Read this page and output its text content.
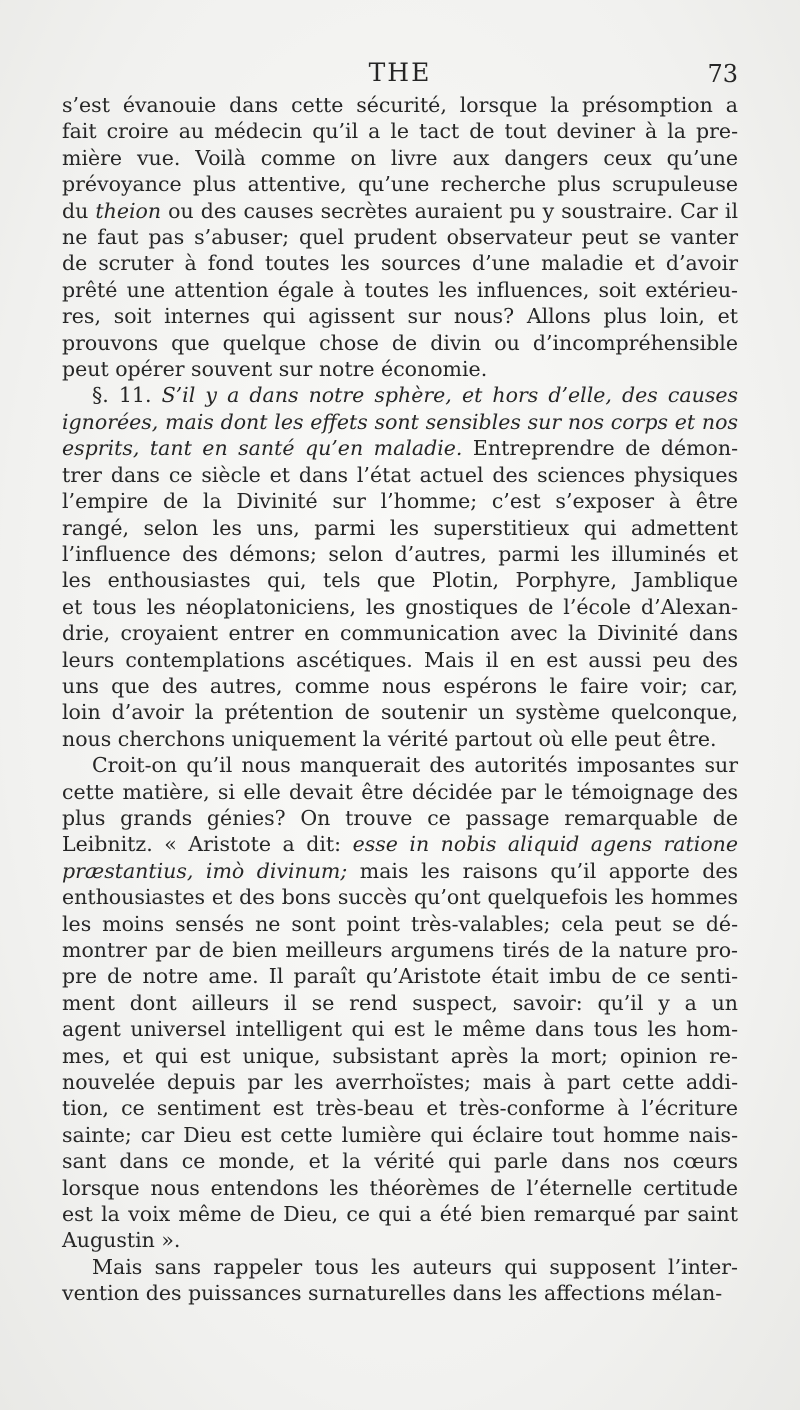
THE	73

s’est évanouie dans cette sécurité, lorsque la présomption a
fait croire au médecin qu’il a le tact de tout deviner à la pre-
mière vue. Voilà comme on livre aux dangers ceux qu’une
prévoyance plus attentive, qu’une recherche plus scrupuleuse
du theion ou des causes secrètes auraient pu y soustraire. Car il
ne faut pas s’abuser; quel prudent observateur peut se vanter
de scruter à fond toutes les sources d’une maladie et d’avoir
prêté une attention égale à toutes les influences, soit extérieu-
res, soit internes qui agissent sur nous? Allons plus loin, et
prouvons que quelque chose de divin ou d’incompréhensible
peut opérer souvent sur notre économie.

§. 11. S’il y a dans notre sphère, et hors d’elle, des causes
ignorées, mais dont les effets sont sensibles sur nos corps et nos
esprits, tant en santé qu’en maladie. Entreprendre de démon-
trer dans ce siècle et dans l’état actuel des sciences physiques
l’empire de la Divinité sur l’homme; c’est s’exposer à être
rangé, selon les uns, parmi les superstitieux qui admettent
l’influence des démons; selon d’autres, parmi les illuminés et
les enthousiastes qui, tels que Plotin, Porphyre, Jamblique
et tous les néoplatoniciens, les gnostiques de l’école d’Alexan-
drie, croyaient entrer en communication avec la Divinité dans
leurs contemplations ascétiques. Mais il en est aussi peu des
uns que des autres, comme nous espérons le faire voir; car,
loin d’avoir la prétention de soutenir un système quelconque,
nous cherchons uniquement la vérité partout où elle peut être.

Croit-on qu’il nous manquerait des autorités imposantes sur
cette matière, si elle devait être décidée par le témoignage des
plus grands génies? On trouve ce passage remarquable de
Leibnitz. « Aristote a dit: esse in nobis aliquid agens ratione
præstantius, imò divinum; mais les raisons qu’il apporte des
enthousiastes et des bons succès qu’ont quelquefois les hommes
les moins sensés ne sont point très-valables; cela peut se dé-
montrer par de bien meilleurs argumens tirés de la nature pro-
pre de notre ame. Il paraît qu’Aristote était imbu de ce senti-
ment dont ailleurs il se rend suspect, savoir: qu’il y a un
agent universel intelligent qui est le même dans tous les hom-
mes, et qui est unique, subsistant après la mort; opinion re-
nouvelée depuis par les averrhoïstes; mais à part cette addi-
tion, ce sentiment est très-beau et très-conforme à l’écriture
sainte; car Dieu est cette lumière qui éclaire tout homme nais-
sant dans ce monde, et la vérité qui parle dans nos cœurs
lorsque nous entendons les théorèmes de l’éternelle certitude
est la voix même de Dieu, ce qui a été bien remarqué par saint
Augustin ».

Mais sans rappeler tous les auteurs qui supposent l’inter-
vention des puissances surnaturelles dans les affections mélan-
